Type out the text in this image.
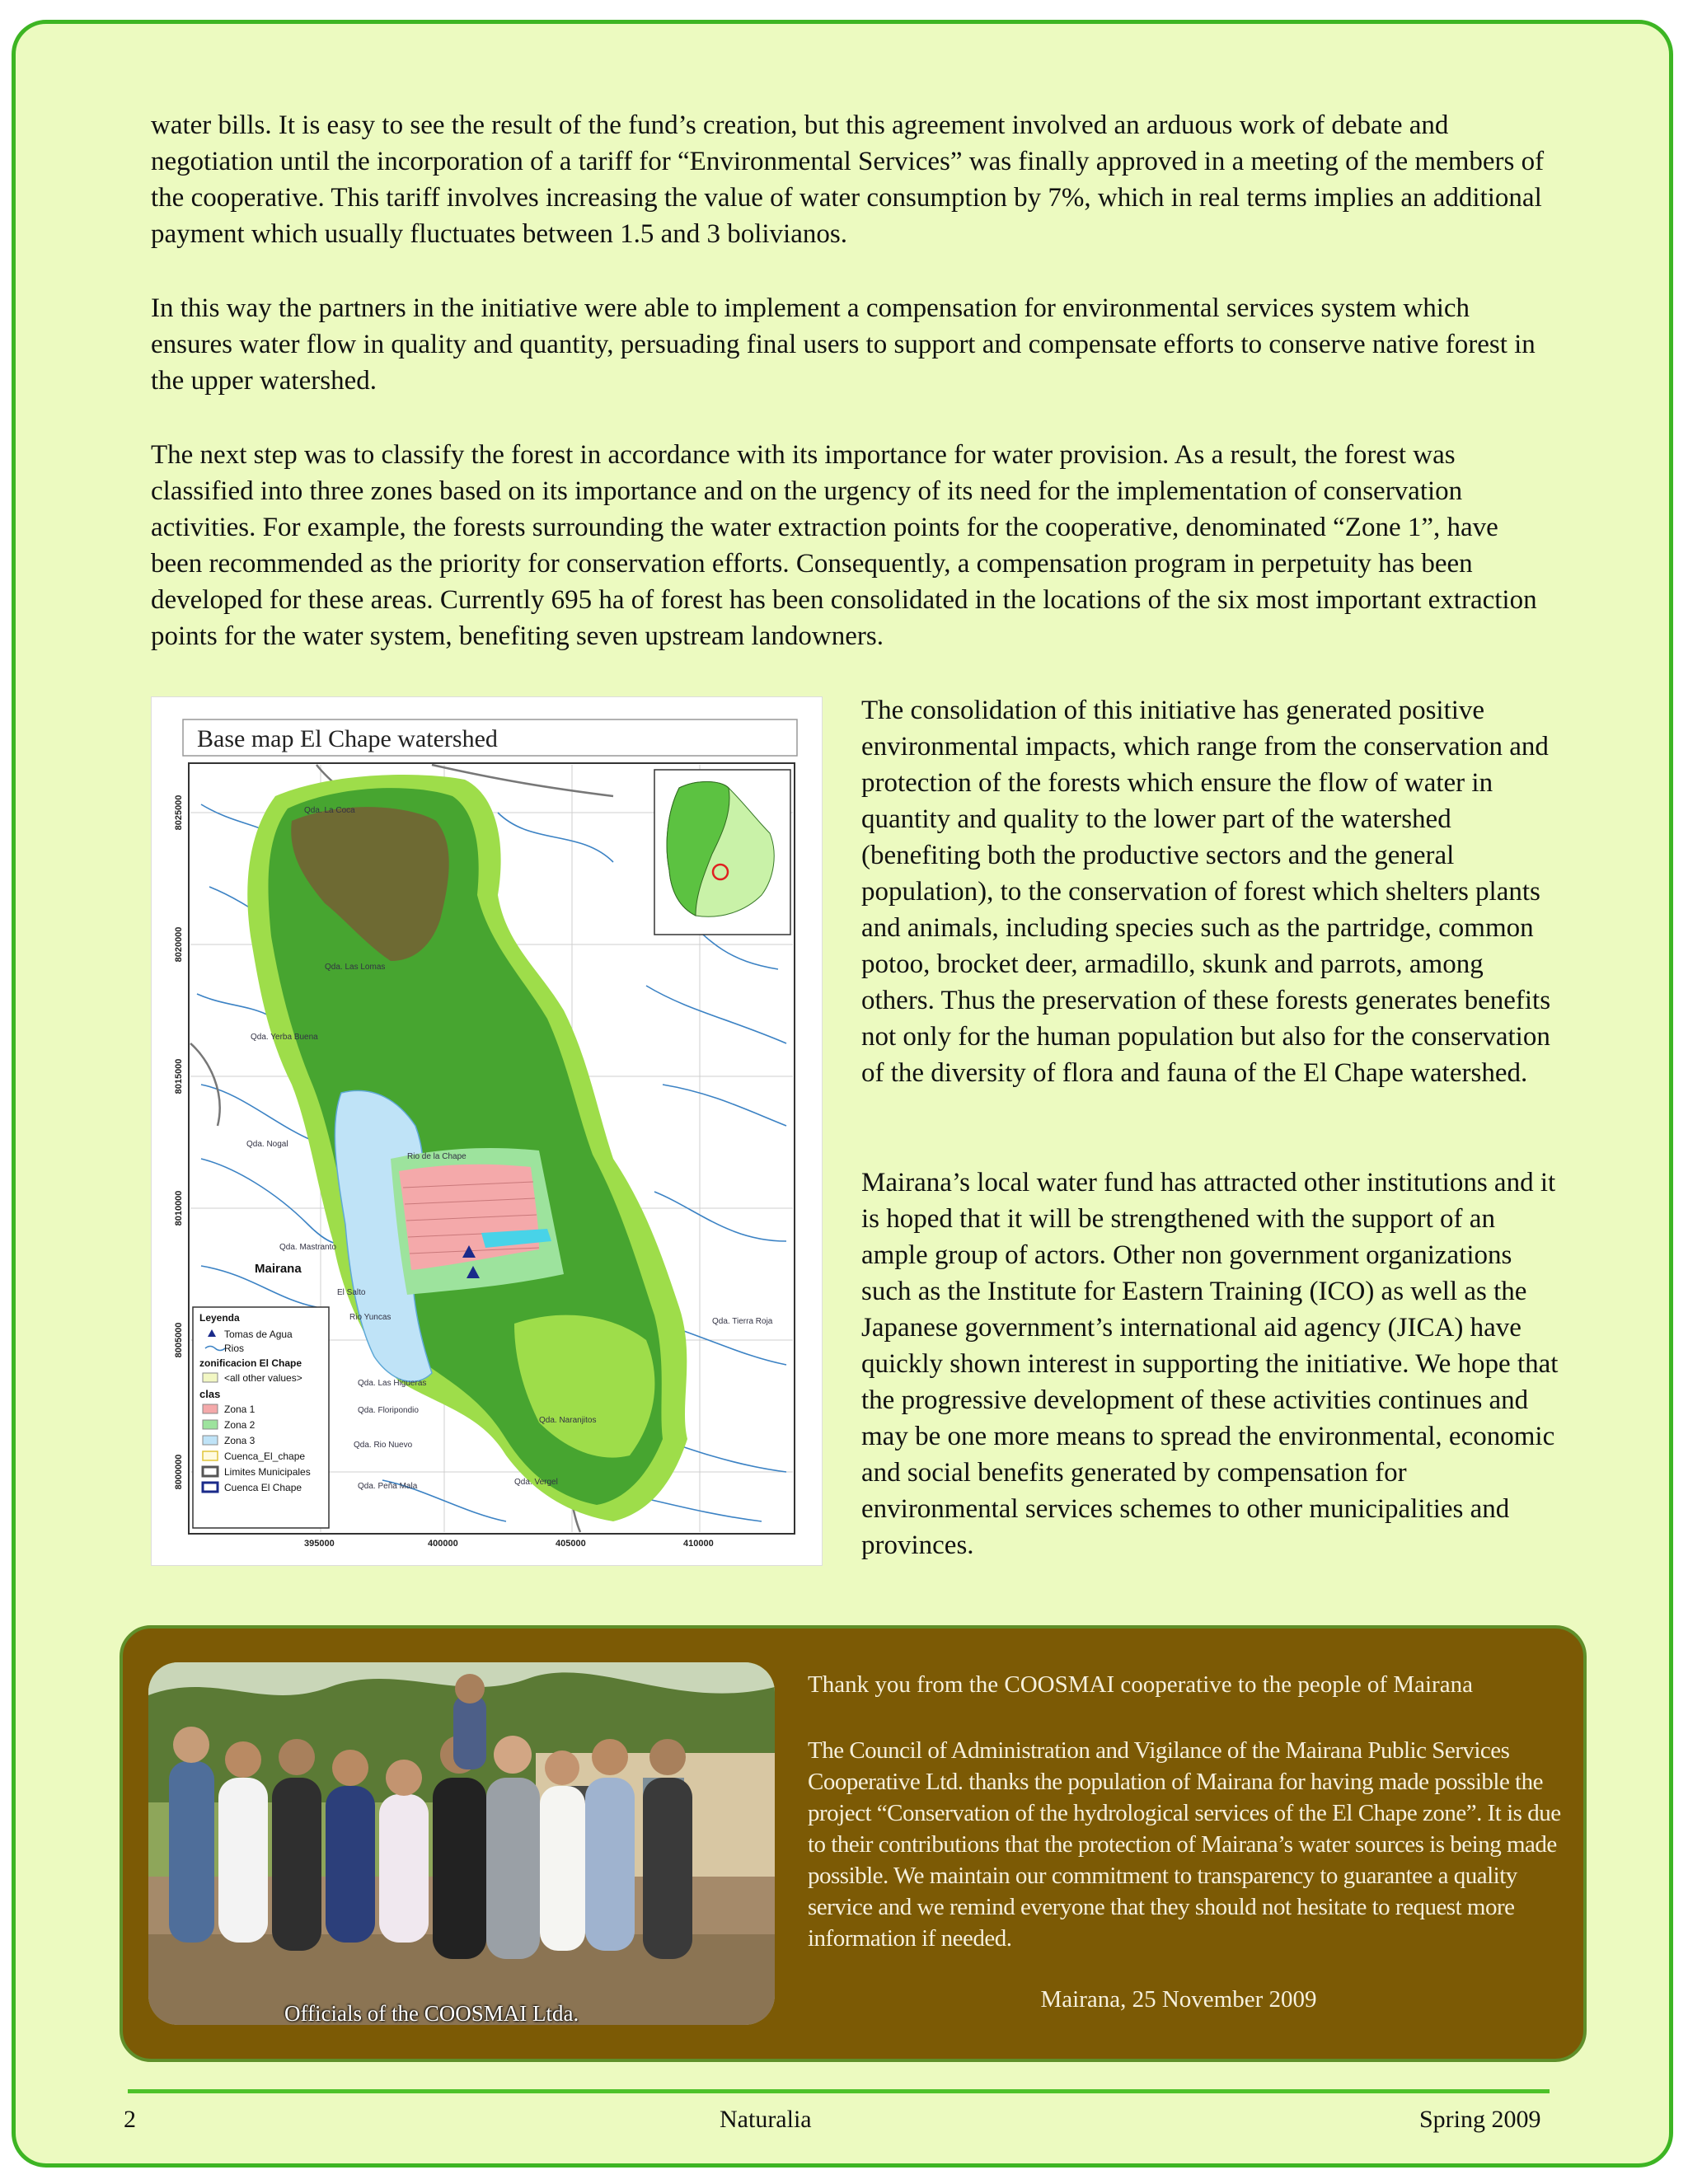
water bills. It is easy to see the result of the fund’s creation, but this agreement involved an arduous work of debate and negotiation until the incorporation of a tariff for “Environmental Services” was finally approved in a meeting of the members of the cooperative. This tariff involves increasing the value of water consumption by 7%, which in real terms implies an additional payment which usually fluctuates between 1.5 and 3 bolivianos.

In this way the partners in the initiative were able to implement a compensation for environmental services system which ensures water flow in quality and quantity, persuading final users to support and compensate efforts to conserve native forest in the upper watershed.

The next step was to classify the forest in accordance with its importance for water provision. As a result, the forest was classified into three zones based on its importance and on the urgency of its need for the implementation of conservation activities. For example, the forests surrounding the water extraction points for the cooperative, denominated “Zone 1”, have been recommended as the priority for conservation efforts. Consequently, a compensation program in perpetuity has been developed for these areas. Currently 695 ha of forest has been consolidated in the locations of the six most important extraction points for the water system, benefiting seven upstream landowners.

Base map El Chape watershed
Mairana
Qda. La Coca
Qda. Las Lomas
Qda. Yerba Buena
Qda. Nogal
Qda. Mastranto
El Salto
Rio Yuncas
Qda. Las Higueras
Qda. Floripondio
Qda. Rio Nuevo
Qda. Peña Mala	Qda. Vergel
Qda. Naranjitos
Rio de la Chape
Qda. Tierra Roja
Leyenda
Tomas de Agua
Rios
zonificacion El Chape
<all other values>
clas
Zona 1
Zona 2
Zona 3
Cuenca_El_chape
Limites Municipales
Cuenca El Chape
395000	400000	405000	410000
8025000
8020000
8015000
8010000
8005000
8000000

The consolidation of this initiative has generated positive environmental impacts, which range from the conservation and protection of the forests which ensure the flow of water in quantity and quality to the lower part of the watershed (benefiting both the productive sectors and the general population), to the conservation of forest which shelters plants and animals, including species such as the partridge, common potoo, brocket deer, armadillo, skunk and parrots, among others. Thus the preservation of these forests generates benefits not only for the human population but also for the conservation of the diversity of flora and fauna of the El Chape watershed.

Mairana’s local water fund has attracted other institutions and it is hoped that it will be strengthened with the support of an ample group of actors. Other non government organizations such as the Institute for Eastern Training (ICO) as well as the Japanese government’s international aid agency (JICA) have quickly shown interest in supporting the initiative. We hope that the progressive development of these activities continues and may be one more means to spread the environmental, economic and social benefits generated by compensation for environmental services schemes to other municipalities and provinces.

Officials of the COOSMAI Ltda.

Thank you from the COOSMAI cooperative to the people of Mairana

The Council of Administration and Vigilance of the Mairana Public Services Cooperative Ltd. thanks the population of Mairana for having made possible the project “Conservation of the hydrological services of the El Chape zone”. It is due to their contributions that the protection of Mairana’s water sources is being made possible. We maintain our commitment to transparency to guarantee a quality service and we remind everyone that they should not hesitate to request more information if needed.

Mairana, 25 November 2009
2	Naturalia	Spring 2009
